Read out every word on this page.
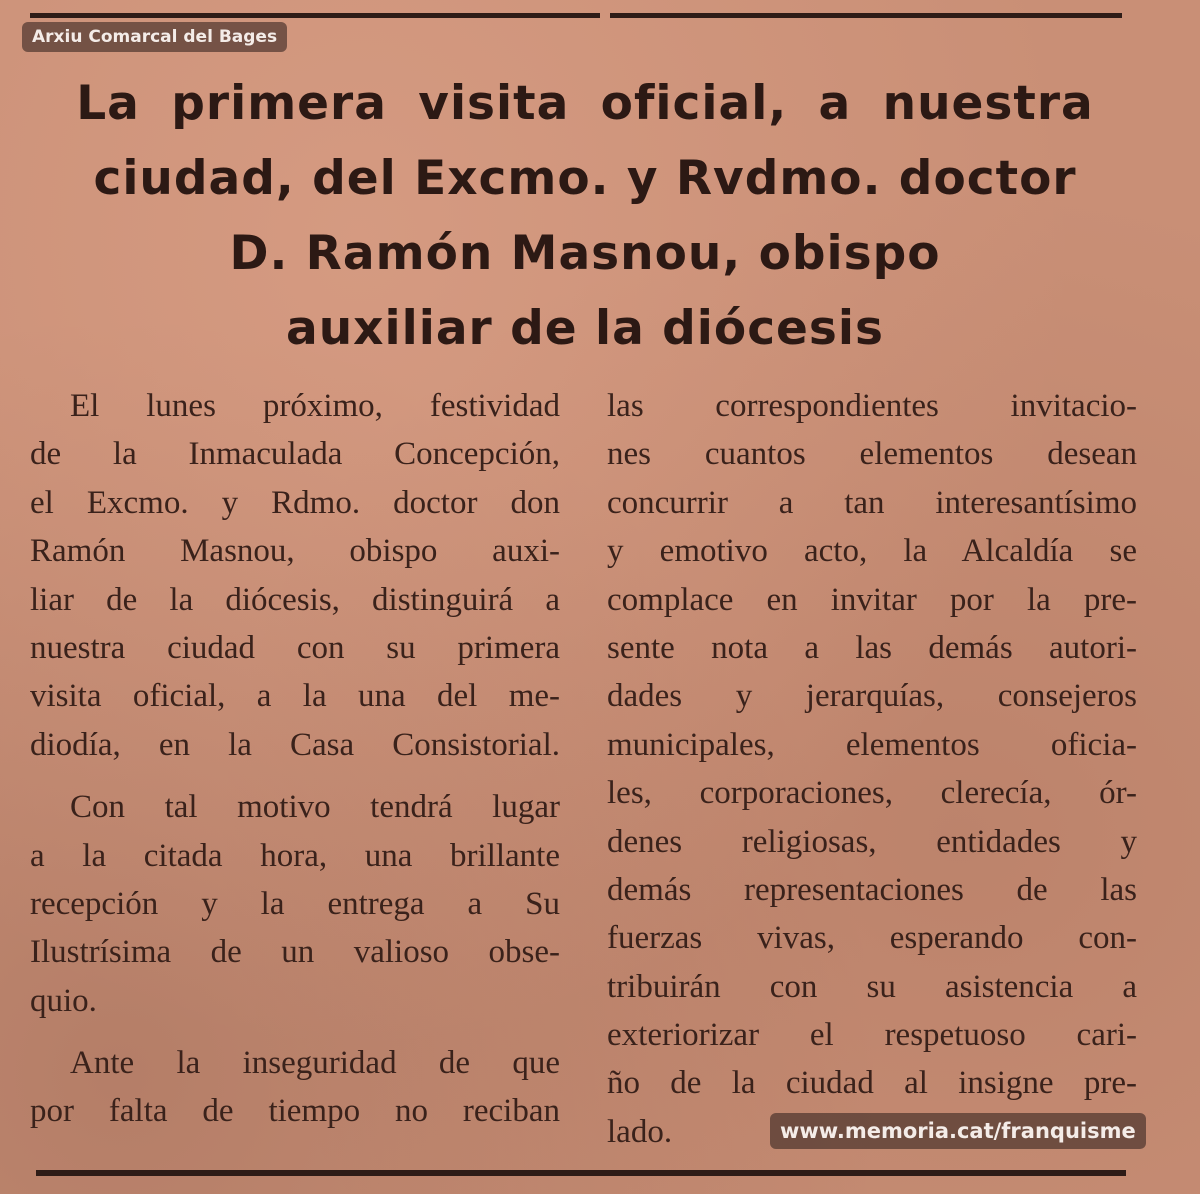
Arxiu Comarcal del Bages
La primera visita oficial, a nuestra
ciudad, del Excmo. y Rvdmo. doctor
D. Ramón Masnou, obispo
auxiliar de la diócesis
El lunes próximo, festividad
de la Inmaculada Concepción,
el Excmo. y Rdmo. doctor don
Ramón Masnou, obispo auxi-
liar de la diócesis, distinguirá a
nuestra ciudad con su primera
visita oficial, a la una del me-
diodía, en la Casa Consistorial.
Con tal motivo tendrá lugar
a la citada hora, una brillante
recepción y la entrega a Su
Ilustrísima de un valioso obse-
quio.
Ante la inseguridad de que
por falta de tiempo no reciban
las correspondientes invitacio-
nes cuantos elementos desean
concurrir a tan interesantísimo
y emotivo acto, la Alcaldía se
complace en invitar por la pre-
sente nota a las demás autori-
dades y jerarquías, consejeros
municipales, elementos oficia-
les, corporaciones, clerecía, ór-
denes religiosas, entidades y
demás representaciones de las
fuerzas vivas, esperando con-
tribuirán con su asistencia a
exteriorizar el respetuoso cari-
ño de la ciudad al insigne pre-
lado.	www.memoria.cat/franquisme
